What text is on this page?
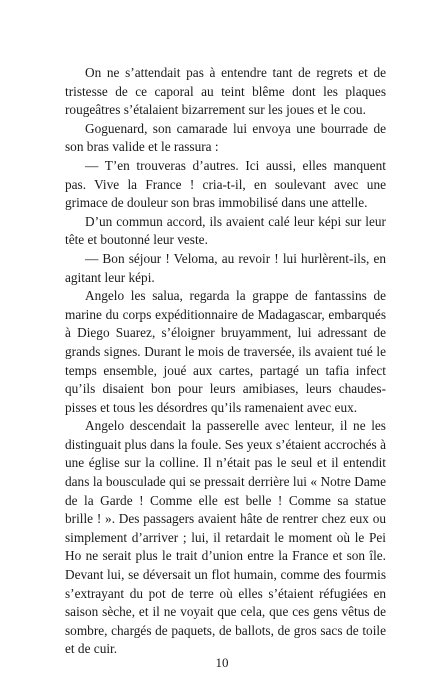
On ne s’attendait pas à entendre tant de regrets et de tristesse de ce caporal au teint blême dont les plaques rougeâtres s’étalaient bizarrement sur les joues et le cou.

Goguenard, son camarade lui envoya une bourrade de son bras valide et le rassura :

— T’en trouveras d’autres. Ici aussi, elles manquent pas. Vive la France ! cria-t-il, en soulevant avec une grimace de douleur son bras immobilisé dans une attelle.

D’un commun accord, ils avaient calé leur képi sur leur tête et boutonné leur veste.

— Bon séjour ! Veloma, au revoir ! lui hurlèrent-ils, en agitant leur képi.

Angelo les salua, regarda la grappe de fantassins de marine du corps expéditionnaire de Madagascar, embarqués à Diego Suarez, s’éloigner bruyamment, lui adressant de grands signes. Durant le mois de traversée, ils avaient tué le temps ensemble, joué aux cartes, partagé un tafia infect qu’ils disaient bon pour leurs amibiases, leurs chaudespisses et tous les désordres qu’ils ramenaient avec eux.

Angelo descendait la passerelle avec lenteur, il ne les distinguait plus dans la foule. Ses yeux s’étaient accrochés à une église sur la colline. Il n’était pas le seul et il entendit dans la bousculade qui se pressait derrière lui « Notre Dame de la Garde ! Comme elle est belle ! Comme sa statue brille ! ». Des passagers avaient hâte de rentrer chez eux ou simplement d’arriver ; lui, il retardait le moment où le Pei Ho ne serait plus le trait d’union entre la France et son île. Devant lui, se déversait un flot humain, comme des fourmis s’extrayant du pot de terre où elles s’étaient réfugiées en saison sèche, et il ne voyait que cela, que ces gens vêtus de sombre, chargés de paquets, de ballots, de gros sacs de toile et de cuir.

10
